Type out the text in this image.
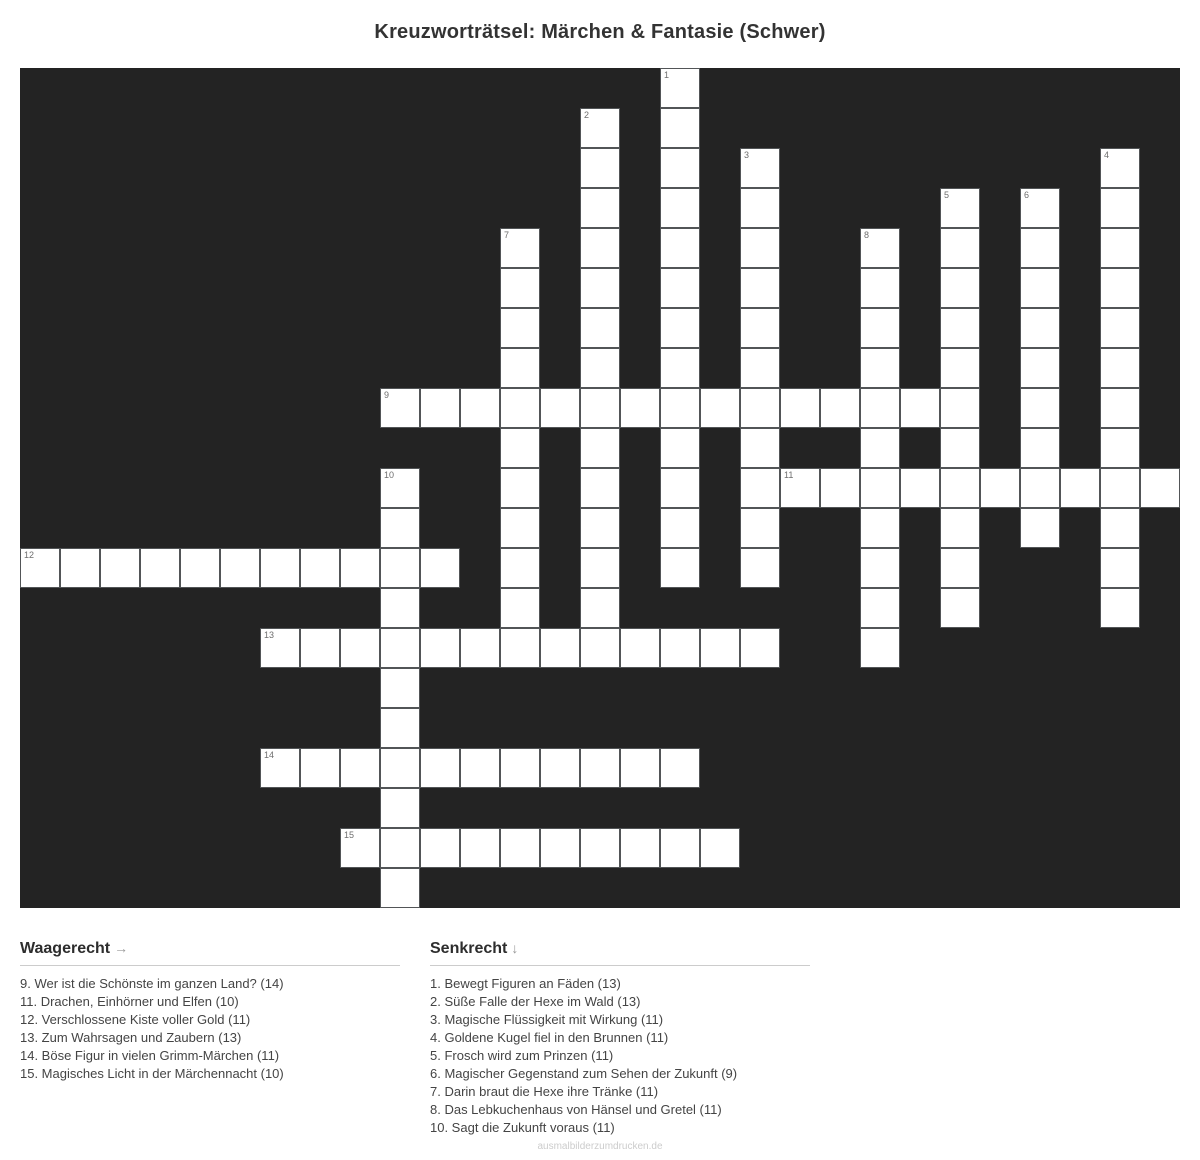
Kreuzworträtsel: Märchen & Fantasie (Schwer)
1
2
3	4
5	6
7	8
9
10	11
12
13
14
15
Waagerecht →
9. Wer ist die Schönste im ganzen Land? (14)
11. Drachen, Einhörner und Elfen (10)
12. Verschlossene Kiste voller Gold (11)
13. Zum Wahrsagen und Zaubern (13)
14. Böse Figur in vielen Grimm-Märchen (11)
15. Magisches Licht in der Märchennacht (10)
Senkrecht ↓
1. Bewegt Figuren an Fäden (13)
2. Süße Falle der Hexe im Wald (13)
3. Magische Flüssigkeit mit Wirkung (11)
4. Goldene Kugel fiel in den Brunnen (11)
5. Frosch wird zum Prinzen (11)
6. Magischer Gegenstand zum Sehen der Zukunft (9)
7. Darin braut die Hexe ihre Tränke (11)
8. Das Lebkuchenhaus von Hänsel und Gretel (11)
10. Sagt die Zukunft voraus (11)
ausmalbilderzumdrucken.de
